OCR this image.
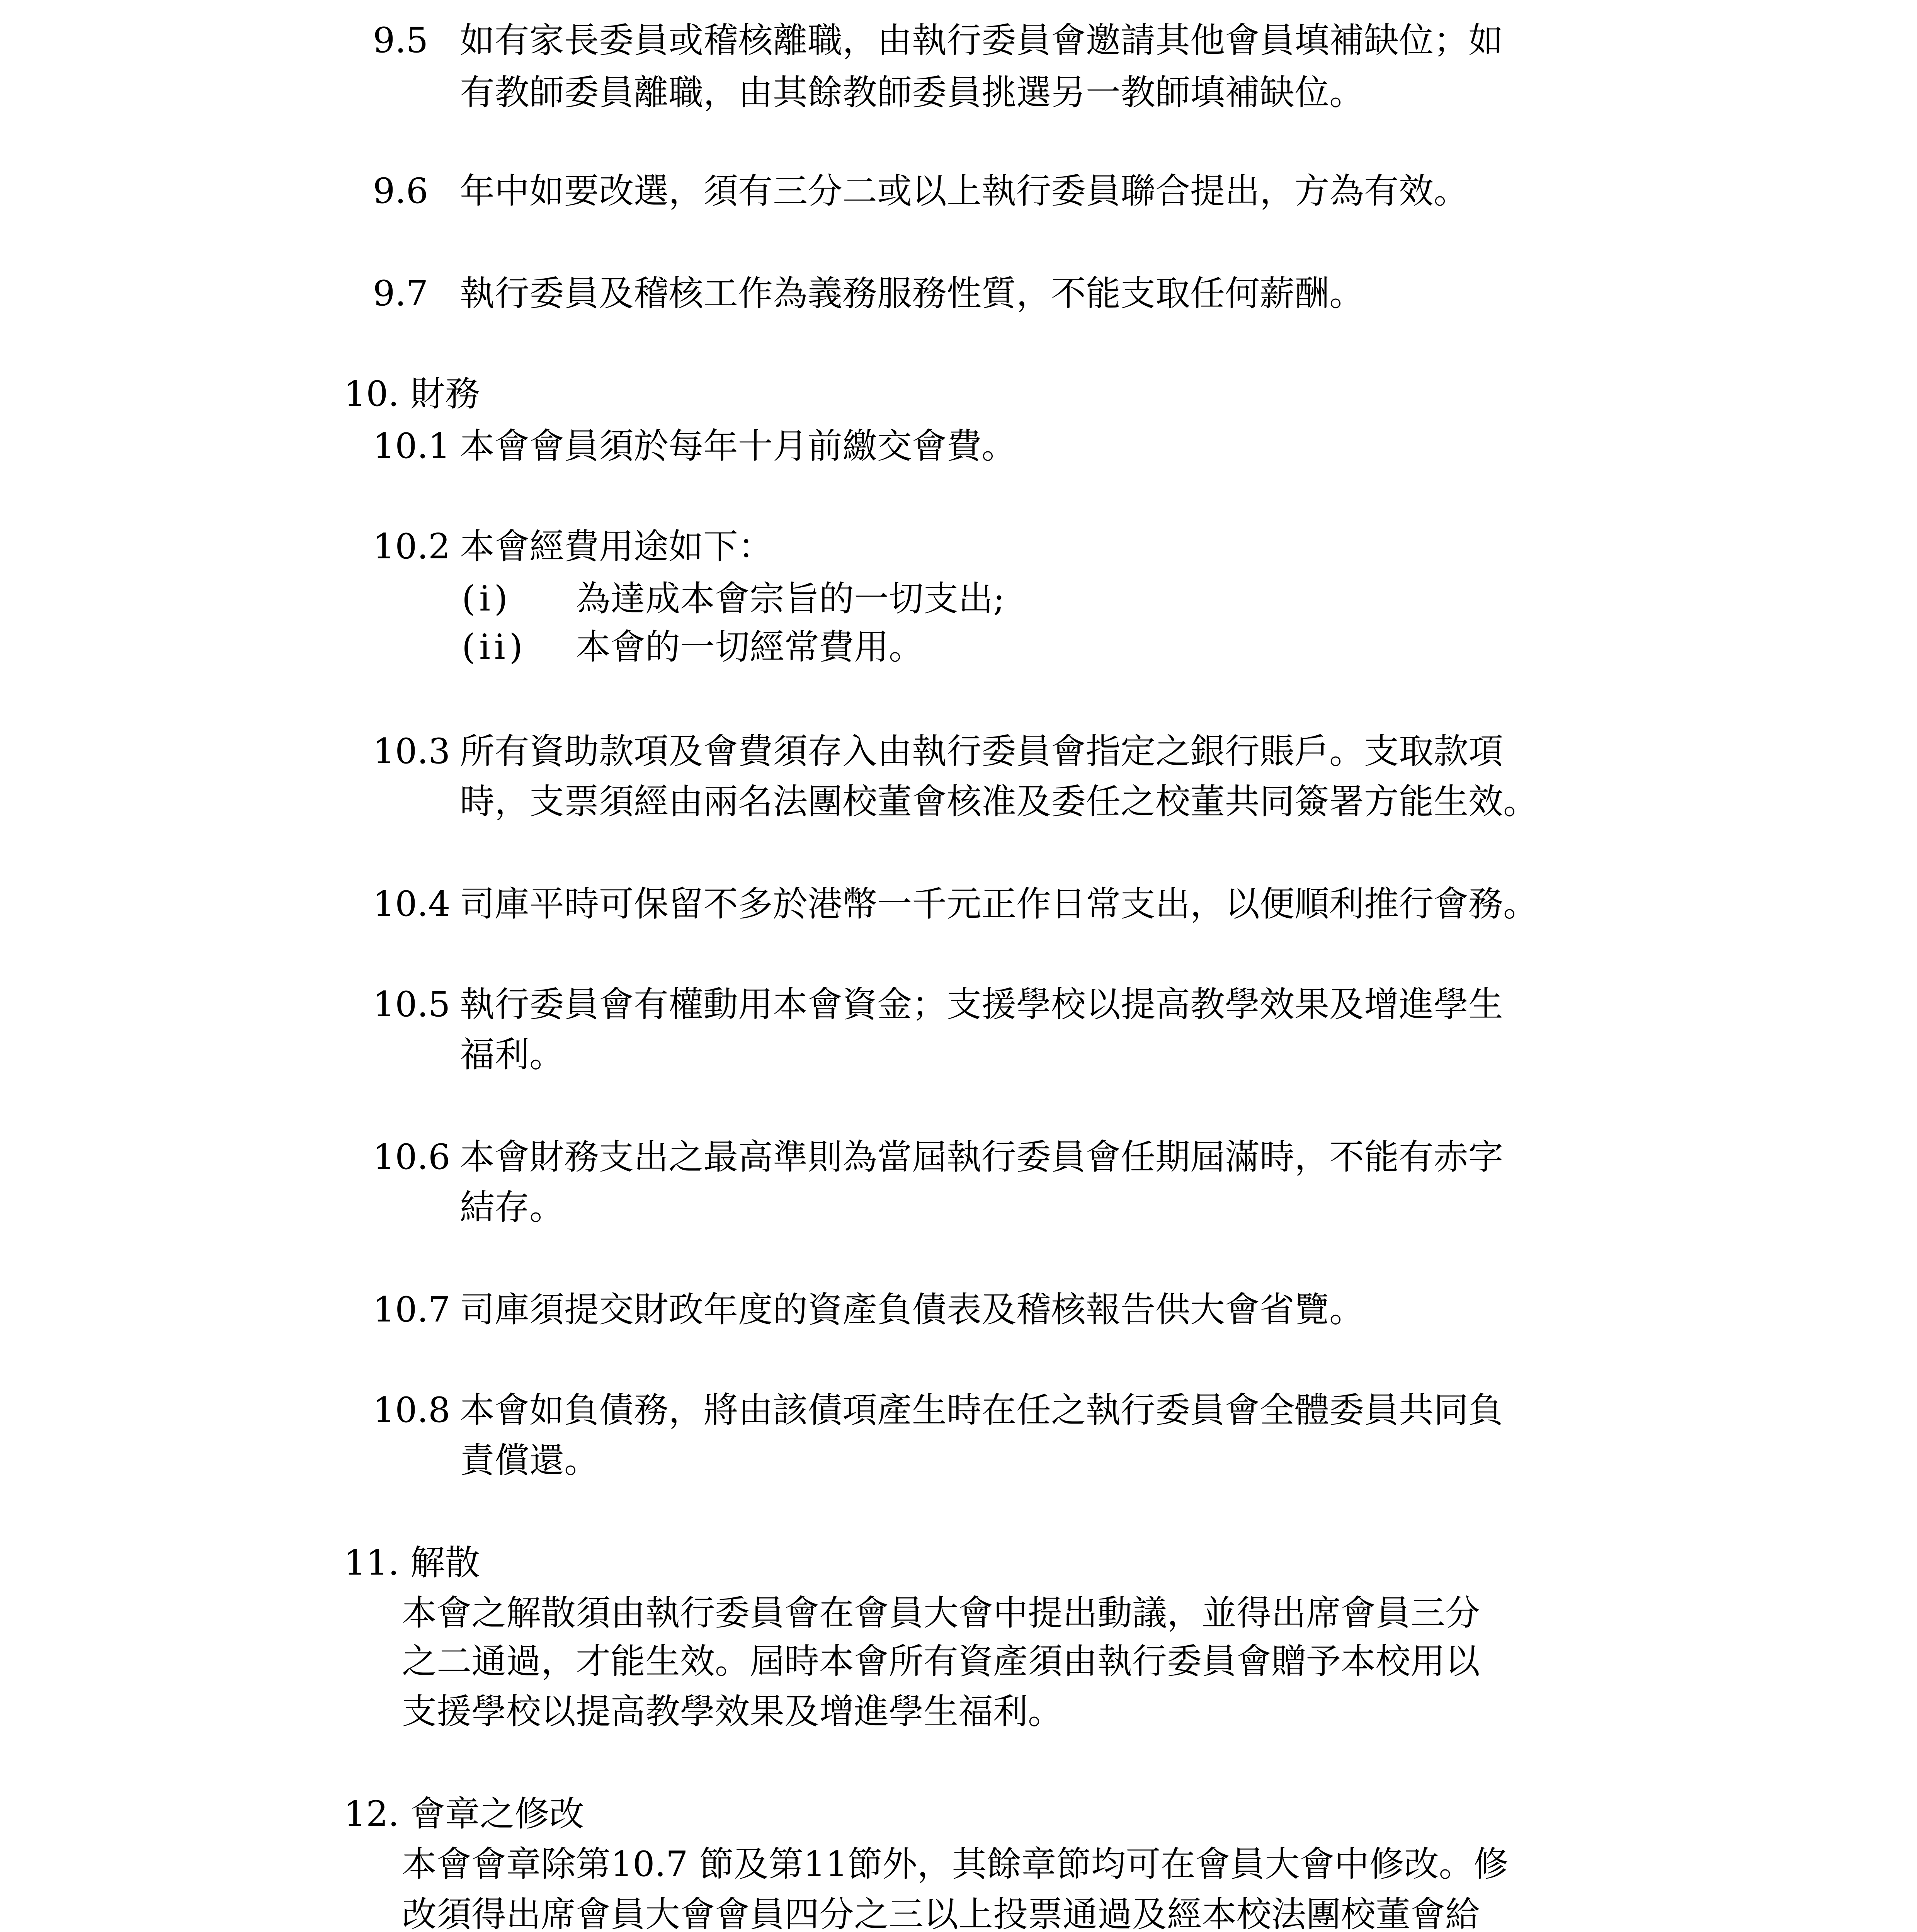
9.5 如有家長委員或稽核離職，由執行委員會邀請其他會員填補缺位；如
有教師委員離職，由其餘教師委員挑選另一教師填補缺位。
9.6 年中如要改選，須有三分二或以上執行委員聯合提出，方為有效。
9.7 執行委員及稽核工作為義務服務性質，不能支取任何薪酬。
10. 財務
10.1 本會會員須於每年十月前繳交會費。
10.2 本會經費用途如下：
(i) 為達成本會宗旨的一切支出;
(ii) 本會的一切經常費用。
10.3 所有資助款項及會費須存入由執行委員會指定之銀行賬戶。支取款項
時，支票須經由兩名法團校董會核准及委任之校董共同簽署方能生效。
10.4 司庫平時可保留不多於港幣一千元正作日常支出，以便順利推行會務。
10.5 執行委員會有權動用本會資金；支援學校以提高教學效果及增進學生
福利。
10.6 本會財務支出之最高準則為當屆執行委員會任期屆滿時，不能有赤字
結存。
10.7 司庫須提交財政年度的資產負債表及稽核報告供大會省覽。
10.8 本會如負債務，將由該債項產生時在任之執行委員會全體委員共同負
責償還。
11. 解散
本會之解散須由執行委員會在會員大會中提出動議，並得出席會員三分
之二通過，才能生效。屆時本會所有資產須由執行委員會贈予本校用以
支援學校以提高教學效果及增進學生福利。
12. 會章之修改
本會會章除第10.7 節及第11節外，其餘章節均可在會員大會中修改。修
改須得出席會員大會會員四分之三以上投票通過及經本校法團校董會給
